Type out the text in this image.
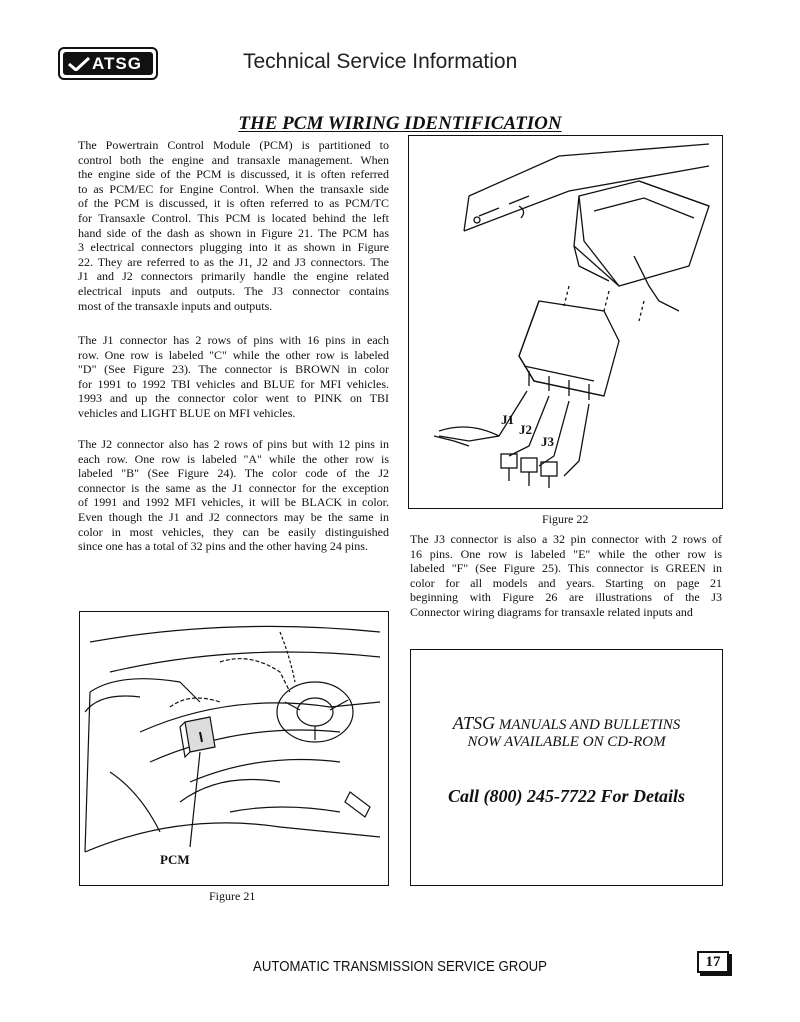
ATSG	Technical Service Information
THE PCM WIRING IDENTIFICATION
The Powertrain Control Module (PCM) is partitioned to
control both the engine and transaxle management. When
the engine side of the PCM is discussed, it is often referred
to as PCM/EC for Engine Control. When the transaxle side
of the PCM is discussed, it is often referred to as PCM/TC
for Transaxle Control. This PCM is located behind the left
hand side of the dash as shown in Figure 21. The PCM has
3 electrical connectors plugging into it as shown in Figure
22. They are referred to as the J1, J2 and J3 connectors. The
J1 and J2 connectors primarily handle the engine related
electrical inputs and outputs. The J3 connector contains
most of the transaxle inputs and outputs.
The J1 connector has 2 rows of pins with 16 pins in each
row. One row is labeled "C" while the other row is labeled
"D" (See Figure 23). The connector is BROWN in color
for 1991 to 1992 TBI vehicles and BLUE for MFI vehicles.
1993 and up the connector color went to PINK on TBI
vehicles and LIGHT BLUE on MFI vehicles.
The J2 connector also has 2 rows of pins but with 12 pins in
each row. One row is labeled "A" while the other row is
labeled "B" (See Figure 24). The color code of the J2
connector is the same as the J1 connector for the exception
of 1991 and 1992 MFI vehicles, it will be BLACK in color.
Even though the J1 and J2 connectors may be the same in
color in most vehicles, they can be easily distinguished
since one has a total of 32 pins and the other having 24 pins.
J1
J2
J3
Figure 22
The J3 connector is also a 32 pin connector with 2 rows of
16 pins. One row is labeled "E" while the other row is
labeled "F" (See Figure 25). This connector is GREEN in
color for all models and years. Starting on page 21
beginning with Figure 26 are illustrations of the J3
Connector wiring diagrams for transaxle related inputs and
PCM
Figure 21
ATSG MANUALS AND BULLETINS
NOW AVAILABLE ON CD-ROM
Call (800) 245-7722 For Details
AUTOMATIC TRANSMISSION SERVICE GROUP	17
